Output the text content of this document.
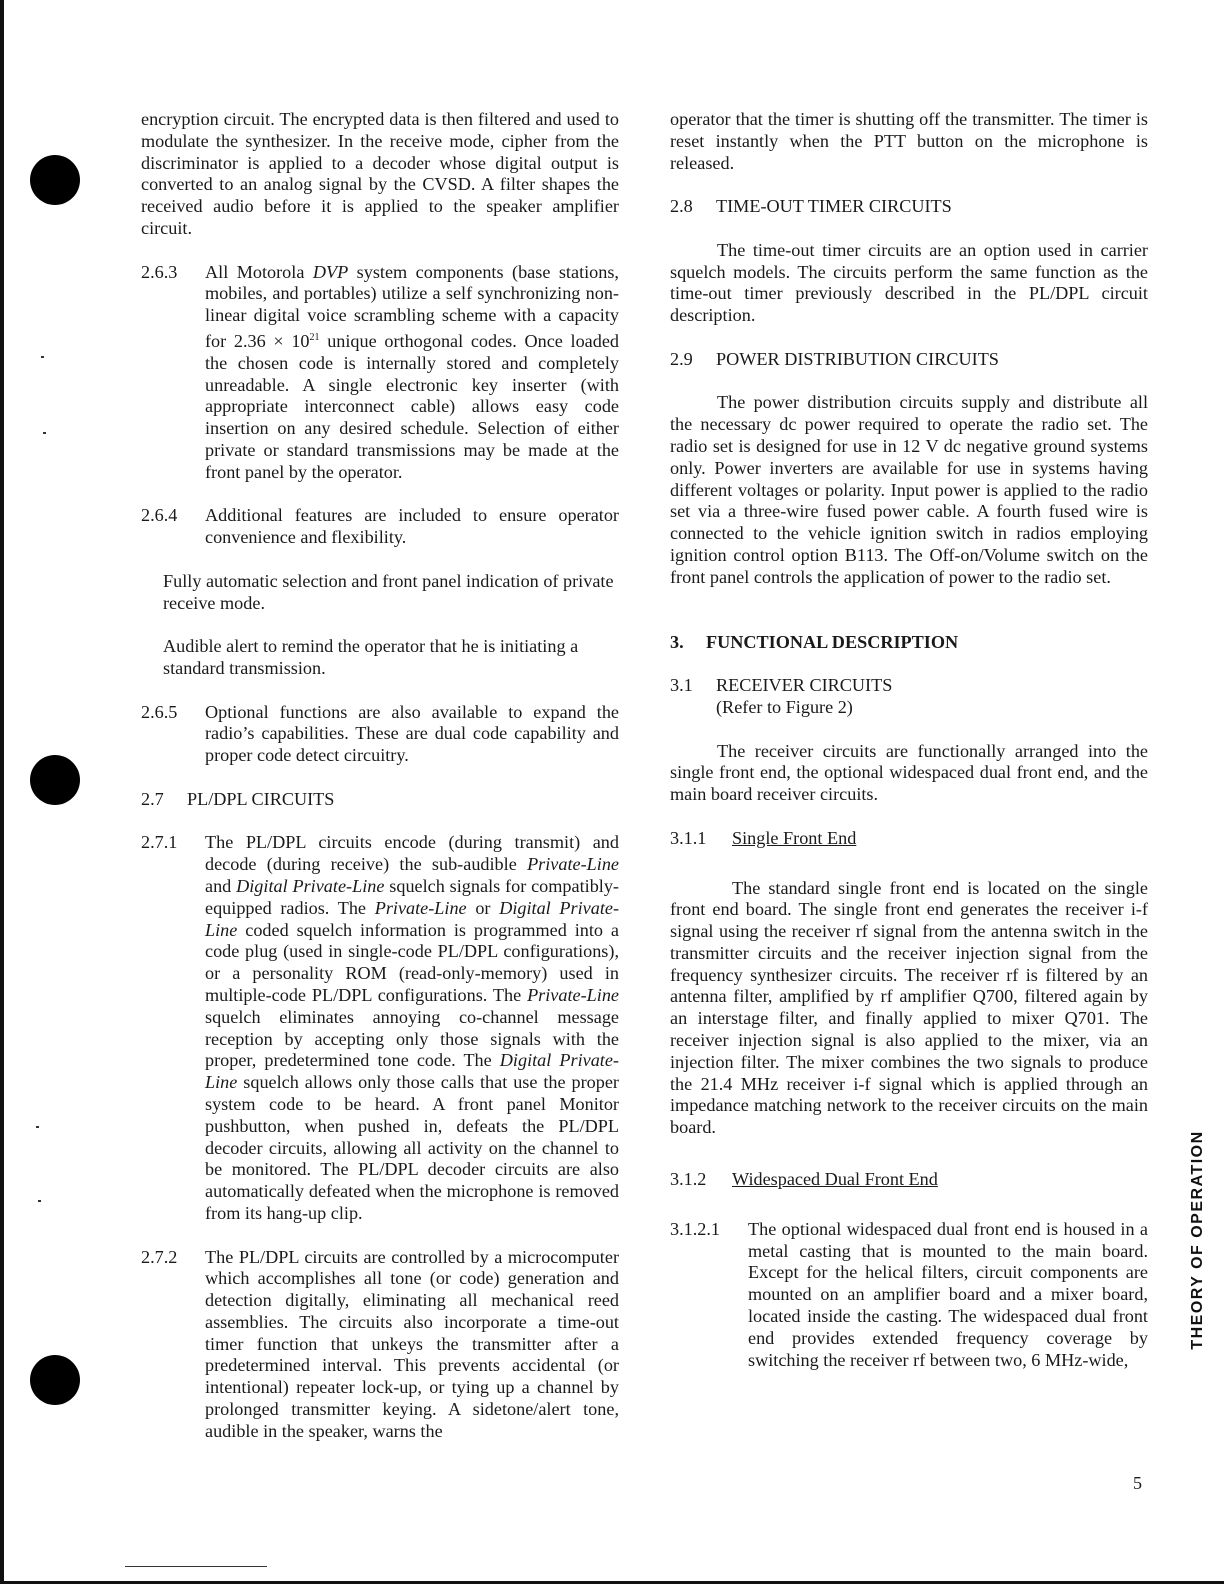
encryption circuit. The encrypted data is then filtered and used to modulate the synthesizer. In the receive mode, cipher from the discriminator is applied to a decoder whose digital output is converted to an analog signal by the CVSD. A filter shapes the received audio before it is applied to the speaker amplifier circuit.

2.6.3 All Motorola DVP system components (base stations, mobiles, and portables) utilize a self synchronizing non-linear digital voice scrambling scheme with a capacity for $2.36 \times 10^{21}$ unique orthogonal codes. Once loaded the chosen code is internally stored and completely unreadable. A single electronic key inserter (with appropriate interconnect cable) allows easy code insertion on any desired schedule. Selection of either private or standard transmissions may be made at the front panel by the operator.

2.6.4 Additional features are included to ensure operator convenience and flexibility.

Fully automatic selection and front panel indication of private receive mode.

Audible alert to remind the operator that he is initiating a standard transmission.

2.6.5 Optional functions are also available to expand the radio’s capabilities. These are dual code capability and proper code detect circuitry.

2.7 PL/DPL CIRCUITS

2.7.1 The PL/DPL circuits encode (during transmit) and decode (during receive) the sub-audible Private-Line and Digital Private-Line squelch signals for compatibly-equipped radios. The Private-Line or Digital Private-Line coded squelch information is programmed into a code plug (used in single-code PL/DPL configurations), or a personality ROM (read-only-memory) used in multiple-code PL/DPL configurations. The Private-Line squelch eliminates annoying co-channel message reception by accepting only those signals with the proper, predetermined tone code. The Digital Private-Line squelch allows only those calls that use the proper system code to be heard. A front panel Monitor pushbutton, when pushed in, defeats the PL/DPL decoder circuits, allowing all activity on the channel to be monitored. The PL/DPL decoder circuits are also automatically defeated when the microphone is removed from its hang-up clip.

2.7.2 The PL/DPL circuits are controlled by a microcomputer which accomplishes all tone (or code) generation and detection digitally, eliminating all mechanical reed assemblies. The circuits also incorporate a time-out timer function that unkeys the transmitter after a predetermined interval. This prevents accidental (or intentional) repeater lock-up, or tying up a channel by prolonged transmitter keying. A sidetone/alert tone, audible in the speaker, warns the

operator that the timer is shutting off the transmitter. The timer is reset instantly when the PTT button on the microphone is released.

2.8 TIME-OUT TIMER CIRCUITS

The time-out timer circuits are an option used in carrier squelch models. The circuits perform the same function as the time-out timer previously described in the PL/DPL circuit description.

2.9 POWER DISTRIBUTION CIRCUITS

The power distribution circuits supply and distribute all the necessary dc power required to operate the radio set. The radio set is designed for use in 12 V dc negative ground systems only. Power inverters are available for use in systems having different voltages or polarity. Input power is applied to the radio set via a three-wire fused power cable. A fourth fused wire is connected to the vehicle ignition switch in radios employing ignition control option B113. The Off-on/Volume switch on the front panel controls the application of power to the radio set.

3. FUNCTIONAL DESCRIPTION

3.1 RECEIVER CIRCUITS
(Refer to Figure 2)

The receiver circuits are functionally arranged into the single front end, the optional widespaced dual front end, and the main board receiver circuits.

3.1.1 Single Front End

The standard single front end is located on the single front end board. The single front end generates the receiver i-f signal using the receiver rf signal from the antenna switch in the transmitter circuits and the receiver injection signal from the frequency synthesizer circuits. The receiver rf is filtered by an antenna filter, amplified by rf amplifier Q700, filtered again by an interstage filter, and finally applied to mixer Q701. The receiver injection signal is also applied to the mixer, via an injection filter. The mixer combines the two signals to produce the 21.4 MHz receiver i-f signal which is applied through an impedance matching network to the receiver circuits on the main board.

3.1.2 Widespaced Dual Front End

3.1.2.1 The optional widespaced dual front end is housed in a metal casting that is mounted to the main board. Except for the helical filters, circuit components are mounted on an amplifier board and a mixer board, located inside the casting. The widespaced dual front end provides extended frequency coverage by switching the receiver rf between two, 6 MHz-wide,

THEORY OF OPERATION
5
